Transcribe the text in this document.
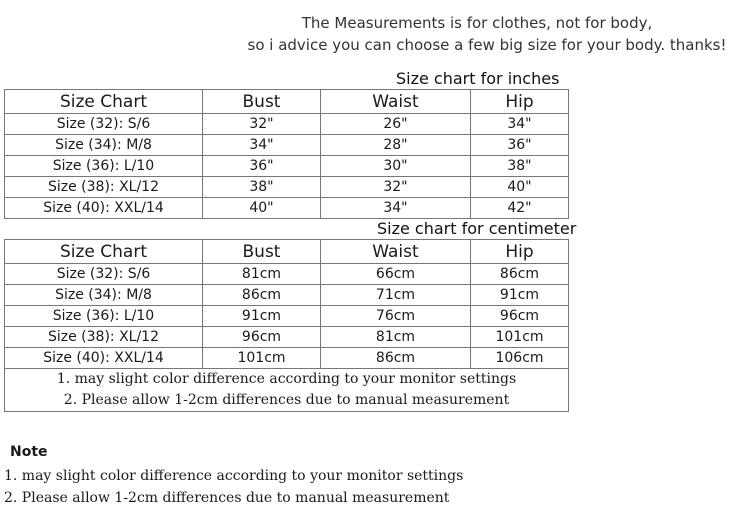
The Measurements is for clothes, not for body,
so i advice you can choose a few big size for your body. thanks!
Size chart for inches
Size Chart	Bust	Waist	Hip
Size (32): S/6	32"	26"	34"
Size (34): M/8	34"	28"	36"
Size (36): L/10	36"	30"	38"
Size (38): XL/12	38"	32"	40"
Size (40): XXL/14	40"	34"	42"
Size chart for centimeter
Size Chart	Bust	Waist	Hip
Size (32): S/6	81cm	66cm	86cm
Size (34): M/8	86cm	71cm	91cm
Size (36): L/10	91cm	76cm	96cm
Size (38): XL/12	96cm	81cm	101cm
Size (40): XXL/14	101cm	86cm	106cm

1. may slight color difference according to your monitor settings
2. Please allow 1-2cm differences due to manual measurement			
Note
1. may slight color difference according to your monitor settings
2. Please allow 1-2cm differences due to manual measurement
